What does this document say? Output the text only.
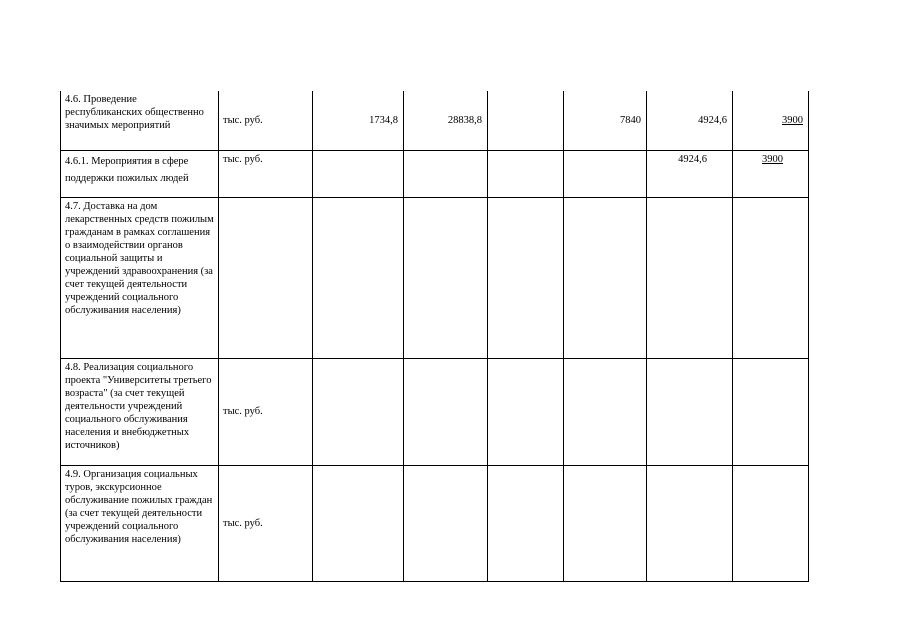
4.6. Проведение республиканских общественно значимых мероприятий	тыс. руб.	1734,8	28838,8		7840	4924,6	3900
4.6.1. Мероприятия в сфере поддержки пожилых людей	тыс. руб.					4924,6	3900
4.7. Доставка на дом лекарственных средств пожилым гражданам в рамках соглашения о взаимодействии органов социальной защиты и учреждений здравоохранения (за счет текущей деятельности учреждений социального обслуживания населения)							
4.8. Реализация социального проекта "Университеты третьего возраста" (за счет текущей деятельности учреждений социального обслуживания населения и внебюджетных источников)	тыс. руб.						
4.9. Организация социальных туров, экскурсионное обслуживание пожилых граждан (за счет текущей деятельности учреждений социального обслуживания населения)	тыс. руб.						
